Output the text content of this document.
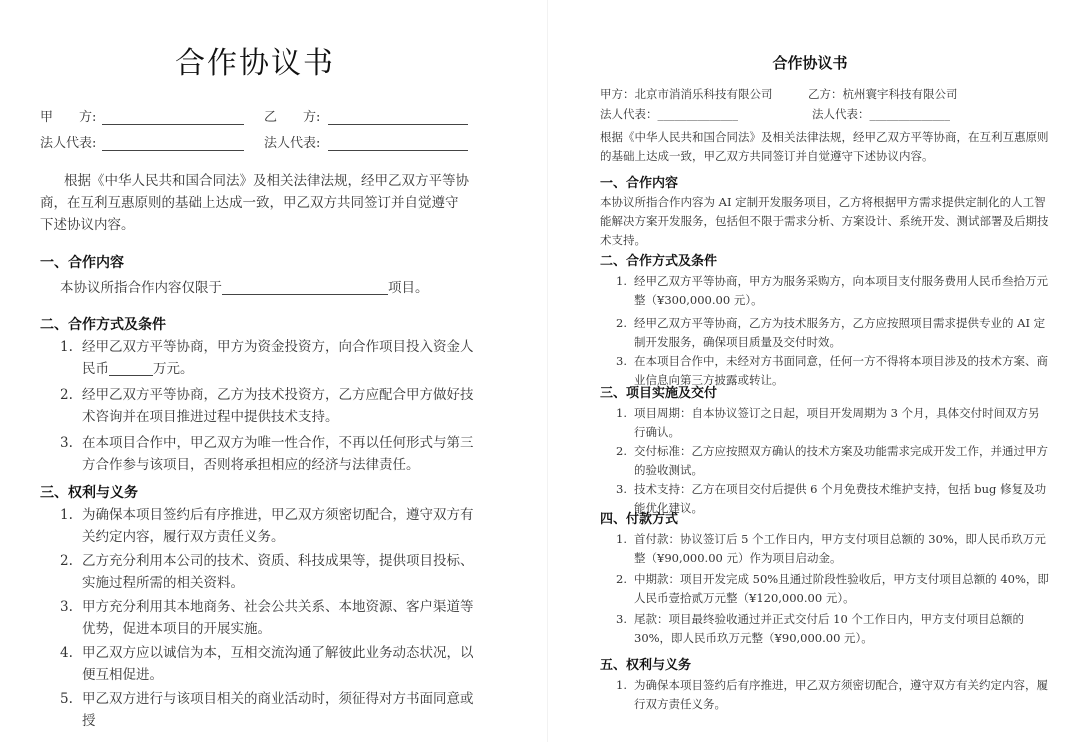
合作协议书
甲　　方:	乙　　方:
法人代表:	法人代表:
根据《中华人民共和国合同法》及相关法律法规，经甲乙双方平等协商，在互利互惠原则的基础上达成一致，甲乙双方共同签订并自觉遵守下述协议内容。
一、合作内容
本协议所指合作内容仅限于	项目。
二、合作方式及条件
1. 经甲乙双方平等协商，甲方为资金投资方，向合作项目投入资金人民币	万元。
2. 经甲乙双方平等协商，乙方为技术投资方，乙方应配合甲方做好技术咨询并在项目推进过程中提供技术支持。
3. 在本项目合作中，甲乙双方为唯一性合作，不再以任何形式与第三方合作参与该项目，否则将承担相应的经济与法律责任。
三、权利与义务
1. 为确保本项目签约后有序推进，甲乙双方须密切配合，遵守双方有关约定内容，履行双方责任义务。
2. 乙方充分利用本公司的技术、资质、科技成果等，提供项目投标、实施过程所需的相关资料。
3. 甲方充分利用其本地商务、社会公共关系、本地资源、客户渠道等优势，促进本项目的开展实施。
4. 甲乙双方应以诚信为本，互相交流沟通了解彼此业务动态状况，以便互相促进。
5. 甲乙双方进行与该项目相关的商业活动时，须征得对方书面同意或授
合作协议书
甲方：北京市消消乐科技有限公司	乙方：杭州寰宇科技有限公司
法人代表：______________	法人代表：______________
根据《中华人民共和国合同法》及相关法律法规，经甲乙双方平等协商，在互利互惠原则的基础上达成一致，甲乙双方共同签订并自觉遵守下述协议内容。
一、合作内容
本协议所指合作内容为 AI 定制开发服务项目，乙方将根据甲方需求提供定制化的人工智能解决方案开发服务，包括但不限于需求分析、方案设计、系统开发、测试部署及后期技术支持。
二、合作方式及条件
1. 经甲乙双方平等协商，甲方为服务采购方，向本项目支付服务费用人民币叁拾万元整（¥300,000.00 元）。
2. 经甲乙双方平等协商，乙方为技术服务方，乙方应按照项目需求提供专业的 AI 定制开发服务，确保项目质量及交付时效。
3. 在本项目合作中，未经对方书面同意，任何一方不得将本项目涉及的技术方案、商业信息向第三方披露或转让。
三、项目实施及交付
1. 项目周期：自本协议签订之日起，项目开发周期为 3 个月，具体交付时间双方另行确认。
2. 交付标准：乙方应按照双方确认的技术方案及功能需求完成开发工作，并通过甲方的验收测试。
3. 技术支持：乙方在项目交付后提供 6 个月免费技术维护支持，包括 bug 修复及功能优化建议。
四、付款方式
1. 首付款：协议签订后 5 个工作日内，甲方支付项目总额的 30%，即人民币玖万元整（¥90,000.00 元）作为项目启动金。
2. 中期款：项目开发完成 50%且通过阶段性验收后，甲方支付项目总额的 40%，即人民币壹拾贰万元整（¥120,000.00 元）。
3. 尾款：项目最终验收通过并正式交付后 10 个工作日内，甲方支付项目总额的 30%，即人民币玖万元整（¥90,000.00 元）。
五、权利与义务
1. 为确保本项目签约后有序推进，甲乙双方须密切配合，遵守双方有关约定内容，履行双方责任义务。
